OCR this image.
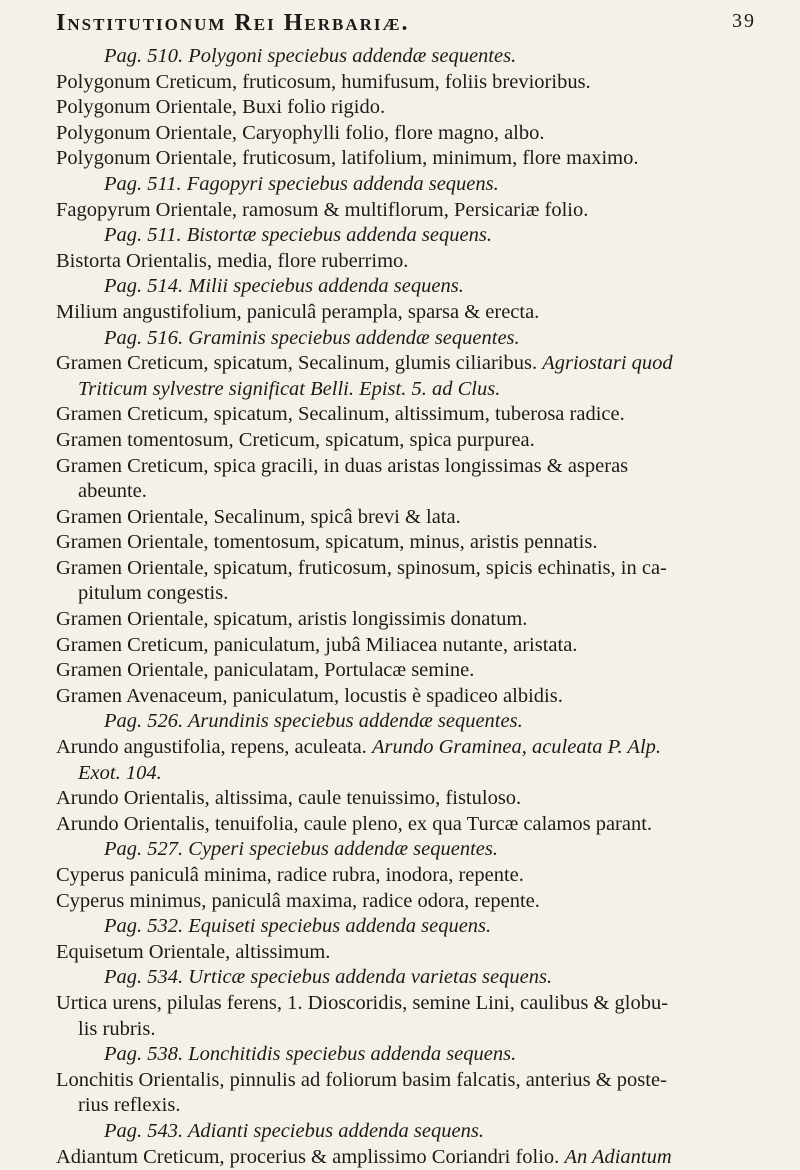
Institutionum Rei Herbariæ.	39
Pag. 510. Polygoni speciebus addendæ sequentes.
Polygonum Creticum, fruticosum, humifusum, foliis brevioribus.
Polygonum Orientale, Buxi folio rigido.
Polygonum Orientale, Caryophylli folio, flore magno, albo.
Polygonum Orientale, fruticosum, latifolium, minimum, flore maximo.
Pag. 511. Fagopyri speciebus addenda sequens.
Fagopyrum Orientale, ramosum & multiflorum, Persicariæ folio.
Pag. 511. Bistortæ speciebus addenda sequens.
Bistorta Orientalis, media, flore ruberrimo.
Pag. 514. Milii speciebus addenda sequens.
Milium angustifolium, paniculâ perampla, sparsa & erecta.
Pag. 516. Graminis speciebus addendæ sequentes.
Gramen Creticum, spicatum, Secalinum, glumis ciliaribus. Agriostari quod
Triticum sylvestre significat Belli. Epist. 5. ad Clus.
Gramen Creticum, spicatum, Secalinum, altissimum, tuberosa radice.
Gramen tomentosum, Creticum, spicatum, spica purpurea.
Gramen Creticum, spica gracili, in duas aristas longissimas & asperas
abeunte.
Gramen Orientale, Secalinum, spicâ brevi & lata.
Gramen Orientale, tomentosum, spicatum, minus, aristis pennatis.
Gramen Orientale, spicatum, fruticosum, spinosum, spicis echinatis, in ca-
pitulum congestis.
Gramen Orientale, spicatum, aristis longissimis donatum.
Gramen Creticum, paniculatum, jubâ Miliacea nutante, aristata.
Gramen Orientale, paniculatam, Portulacæ semine.
Gramen Avenaceum, paniculatum, locustis è spadiceo albidis.
Pag. 526. Arundinis speciebus addendæ sequentes.
Arundo angustifolia, repens, aculeata. Arundo Graminea, aculeata P. Alp.
Exot. 104.
Arundo Orientalis, altissima, caule tenuissimo, fistuloso.
Arundo Orientalis, tenuifolia, caule pleno, ex qua Turcæ calamos parant.
Pag. 527. Cyperi speciebus addendæ sequentes.
Cyperus paniculâ minima, radice rubra, inodora, repente.
Cyperus minimus, paniculâ maxima, radice odora, repente.
Pag. 532. Equiseti speciebus addenda sequens.
Equisetum Orientale, altissimum.
Pag. 534. Urticæ speciebus addenda varietas sequens.
Urtica urens, pilulas ferens, 1. Dioscoridis, semine Lini, caulibus & globu-
lis rubris.
Pag. 538. Lonchitidis speciebus addenda sequens.
Lonchitis Orientalis, pinnulis ad foliorum basim falcatis, anterius & poste-
rius reflexis.
Pag. 543. Adianti speciebus addenda sequens.
Adiantum Creticum, procerius & amplissimo Coriandri folio. An Adiantum
